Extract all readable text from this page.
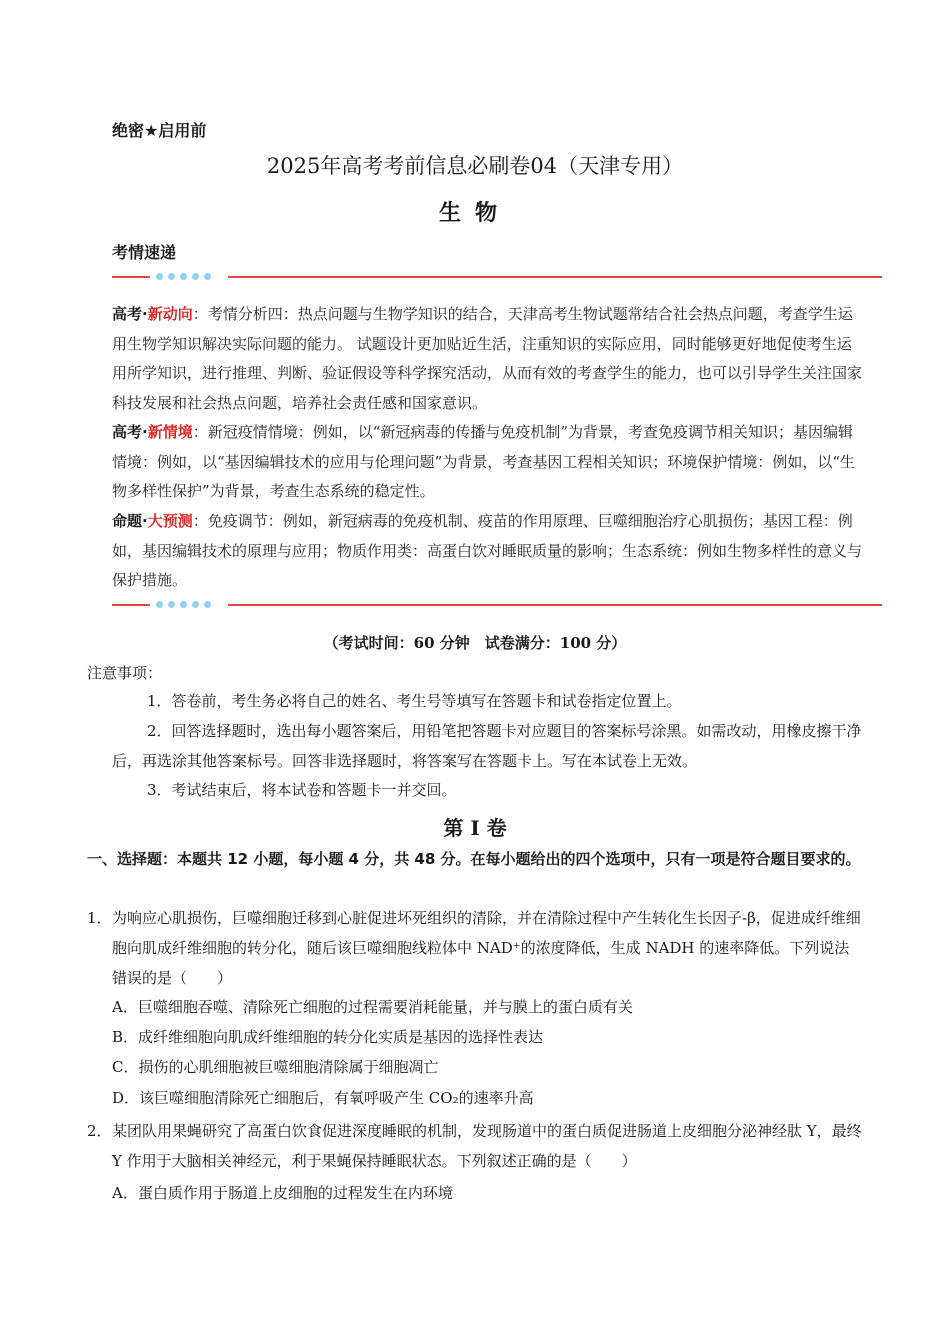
绝密★启用前
2025年高考考前信息必刷卷04（天津专用）
生物
考情速递
高考·新动向：考情分析四：热点问题与生物学知识的结合，天津高考生物试题常结合社会热点问题，考查学生运用生物学知识解决实际问题的能力。 试题设计更加贴近生活，注重知识的实际应用，同时能够更好地促使考生运用所学知识，进行推理、判断、验证假设等科学探究活动，从而有效的考查学生的能力，也可以引导学生关注国家科技发展和社会热点问题，培养社会责任感和国家意识。
高考·新情境：新冠疫情情境：例如，以“新冠病毒的传播与免疫机制”为背景，考查免疫调节相关知识；基因编辑情境：例如，以“基因编辑技术的应用与伦理问题”为背景，考查基因工程相关知识；环境保护情境：例如，以“生物多样性保护”为背景，考查生态系统的稳定性。
命题·大预测：免疫调节：例如，新冠病毒的免疫机制、疫苗的作用原理、巨噬细胞治疗心肌损伤；基因工程：例如，基因编辑技术的原理与应用；物质作用类：高蛋白饮对睡眠质量的影响；生态系统：例如生物多样性的意义与保护措施。
（考试时间：60 分钟　试卷满分：100 分）
注意事项：
1．答卷前，考生务必将自己的姓名、考生号等填写在答题卡和试卷指定位置上。
2．回答选择题时，选出每小题答案后，用铅笔把答题卡对应题目的答案标号涂黑。如需改动，用橡皮擦干净后，再选涂其他答案标号。回答非选择题时，将答案写在答题卡上。写在本试卷上无效。
3．考试结束后，将本试卷和答题卡一并交回。
第 I 卷
一、选择题：本题共 12 小题，每小题 4 分，共 48 分。在每小题给出的四个选项中，只有一项是符合题目要求的。
1． 为响应心肌损伤，巨噬细胞迁移到心脏促进坏死组织的清除，并在清除过程中产生转化生长因子-β，促进成纤维细胞向肌成纤维细胞的转分化，随后该巨噬细胞线粒体中 NAD⁺的浓度降低，生成 NADH 的速率降低。下列说法错误的是（　　）
A．巨噬细胞吞噬、清除死亡细胞的过程需要消耗能量，并与膜上的蛋白质有关
B．成纤维细胞向肌成纤维细胞的转分化实质是基因的选择性表达
C．损伤的心肌细胞被巨噬细胞清除属于细胞凋亡
D．该巨噬细胞清除死亡细胞后，有氧呼吸产生 CO₂的速率升高
2． 某团队用果蝇研究了高蛋白饮食促进深度睡眠的机制，发现肠道中的蛋白质促进肠道上皮细胞分泌神经肽 Y，最终 Y 作用于大脑相关神经元，利于果蝇保持睡眠状态。下列叙述正确的是（　　）
A．蛋白质作用于肠道上皮细胞的过程发生在内环境
